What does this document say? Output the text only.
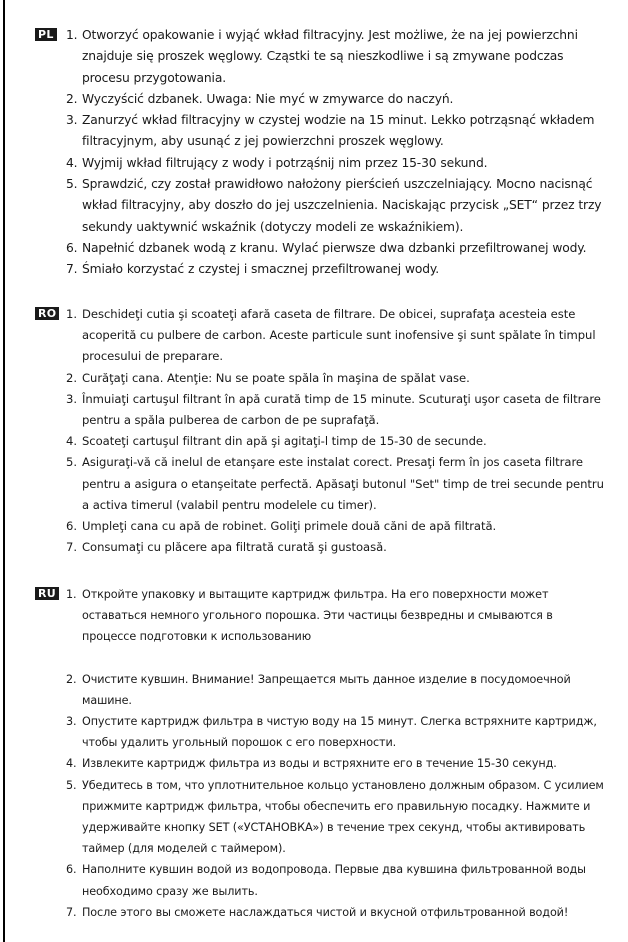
PL 1. Otworzyć opakowanie i wyjąć wkład filtracyjny. Jest możliwe, że na jej powierzchni znajduje się proszek węglowy. Cząstki te są nieszkodliwe i są zmywane podczas procesu przygotowania.
2. Wyczyścić dzbanek. Uwaga: Nie myć w zmywarce do naczyń.
3. Zanurzyć wkład filtracyjny w czystej wodzie na 15 minut. Lekko potrząsnąć wkładem filtracyjnym, aby usunąć z jej powierzchni proszek węglowy.
4. Wyjmij wkład filtrujący z wody i potrząśnij nim przez 15-30 sekund.
5. Sprawdzić, czy został prawidłowo nałożony pierścień uszczelniający. Mocno nacisnąć wkład filtracyjny, aby doszło do jej uszczelnienia. Naciskając przycisk „SET“ przez trzy sekundy uaktywnić wskaźnik (dotyczy modeli ze wskaźnikiem).
6. Napełnić dzbanek wodą z kranu. Wylać pierwsze dwa dzbanki przefiltrowanej wody.
7. Śmiało korzystać z czystej i smacznej przefiltrowanej wody.
RO 1. Deschideţi cutia şi scoateţi afară caseta de filtrare. De obicei, suprafaţa acesteia este acoperită cu pulbere de carbon. Aceste particule sunt inofensive şi sunt spălate în timpul procesului de preparare.
2. Curăţaţi cana. Atenţie: Nu se poate spăla în maşina de spălat vase.
3. Înmuiaţi cartuşul filtrant în apă curată timp de 15 minute. Scuturaţi uşor caseta de filtrare pentru a spăla pulberea de carbon de pe suprafaţă.
4. Scoateţi cartuşul filtrant din apă şi agitaţi-l timp de 15-30 de secunde.
5. Asiguraţi-vă că inelul de etanşare este instalat corect. Presaţi ferm în jos caseta filtrare pentru a asigura o etanşeitate perfectă. Apăsaţi butonul "Set" timp de trei secunde pentru a activa timerul (valabil pentru modelele cu timer).
6. Umpleţi cana cu apă de robinet. Goliţi primele două căni de apă filtrată.
7. Consumaţi cu plăcere apa filtrată curată şi gustoasă.
RU 1. Откройте упаковку и вытащите картридж фильтра. На его поверхности может оставаться немного угольного порошка. Эти частицы безвредны и смываются в процессе подготовки к использованию
2. Очистите кувшин. Внимание! Запрещается мыть данное изделие в посудомоечной машине.
3. Опустите картридж фильтра в чистую воду на 15 минут. Слегка встряхните картридж, чтобы удалить угольный порошок с его поверхности.
4. Извлеките картридж фильтра из воды и встряхните его в течение 15-30 секунд.
5. Убедитесь в том, что уплотнительное кольцо установлено должным образом. С усилием прижмите картридж фильтра, чтобы обеспечить его правильную посадку. Нажмите и удерживайте кнопку SET («УСТАНОВКА») в течение трех секунд, чтобы активировать таймер (для моделей с таймером).
6. Наполните кувшин водой из водопровода. Первые два кувшина фильтрованной воды необходимо сразу же вылить.
7. После этого вы сможете наслаждаться чистой и вкусной отфильтрованной водой!
